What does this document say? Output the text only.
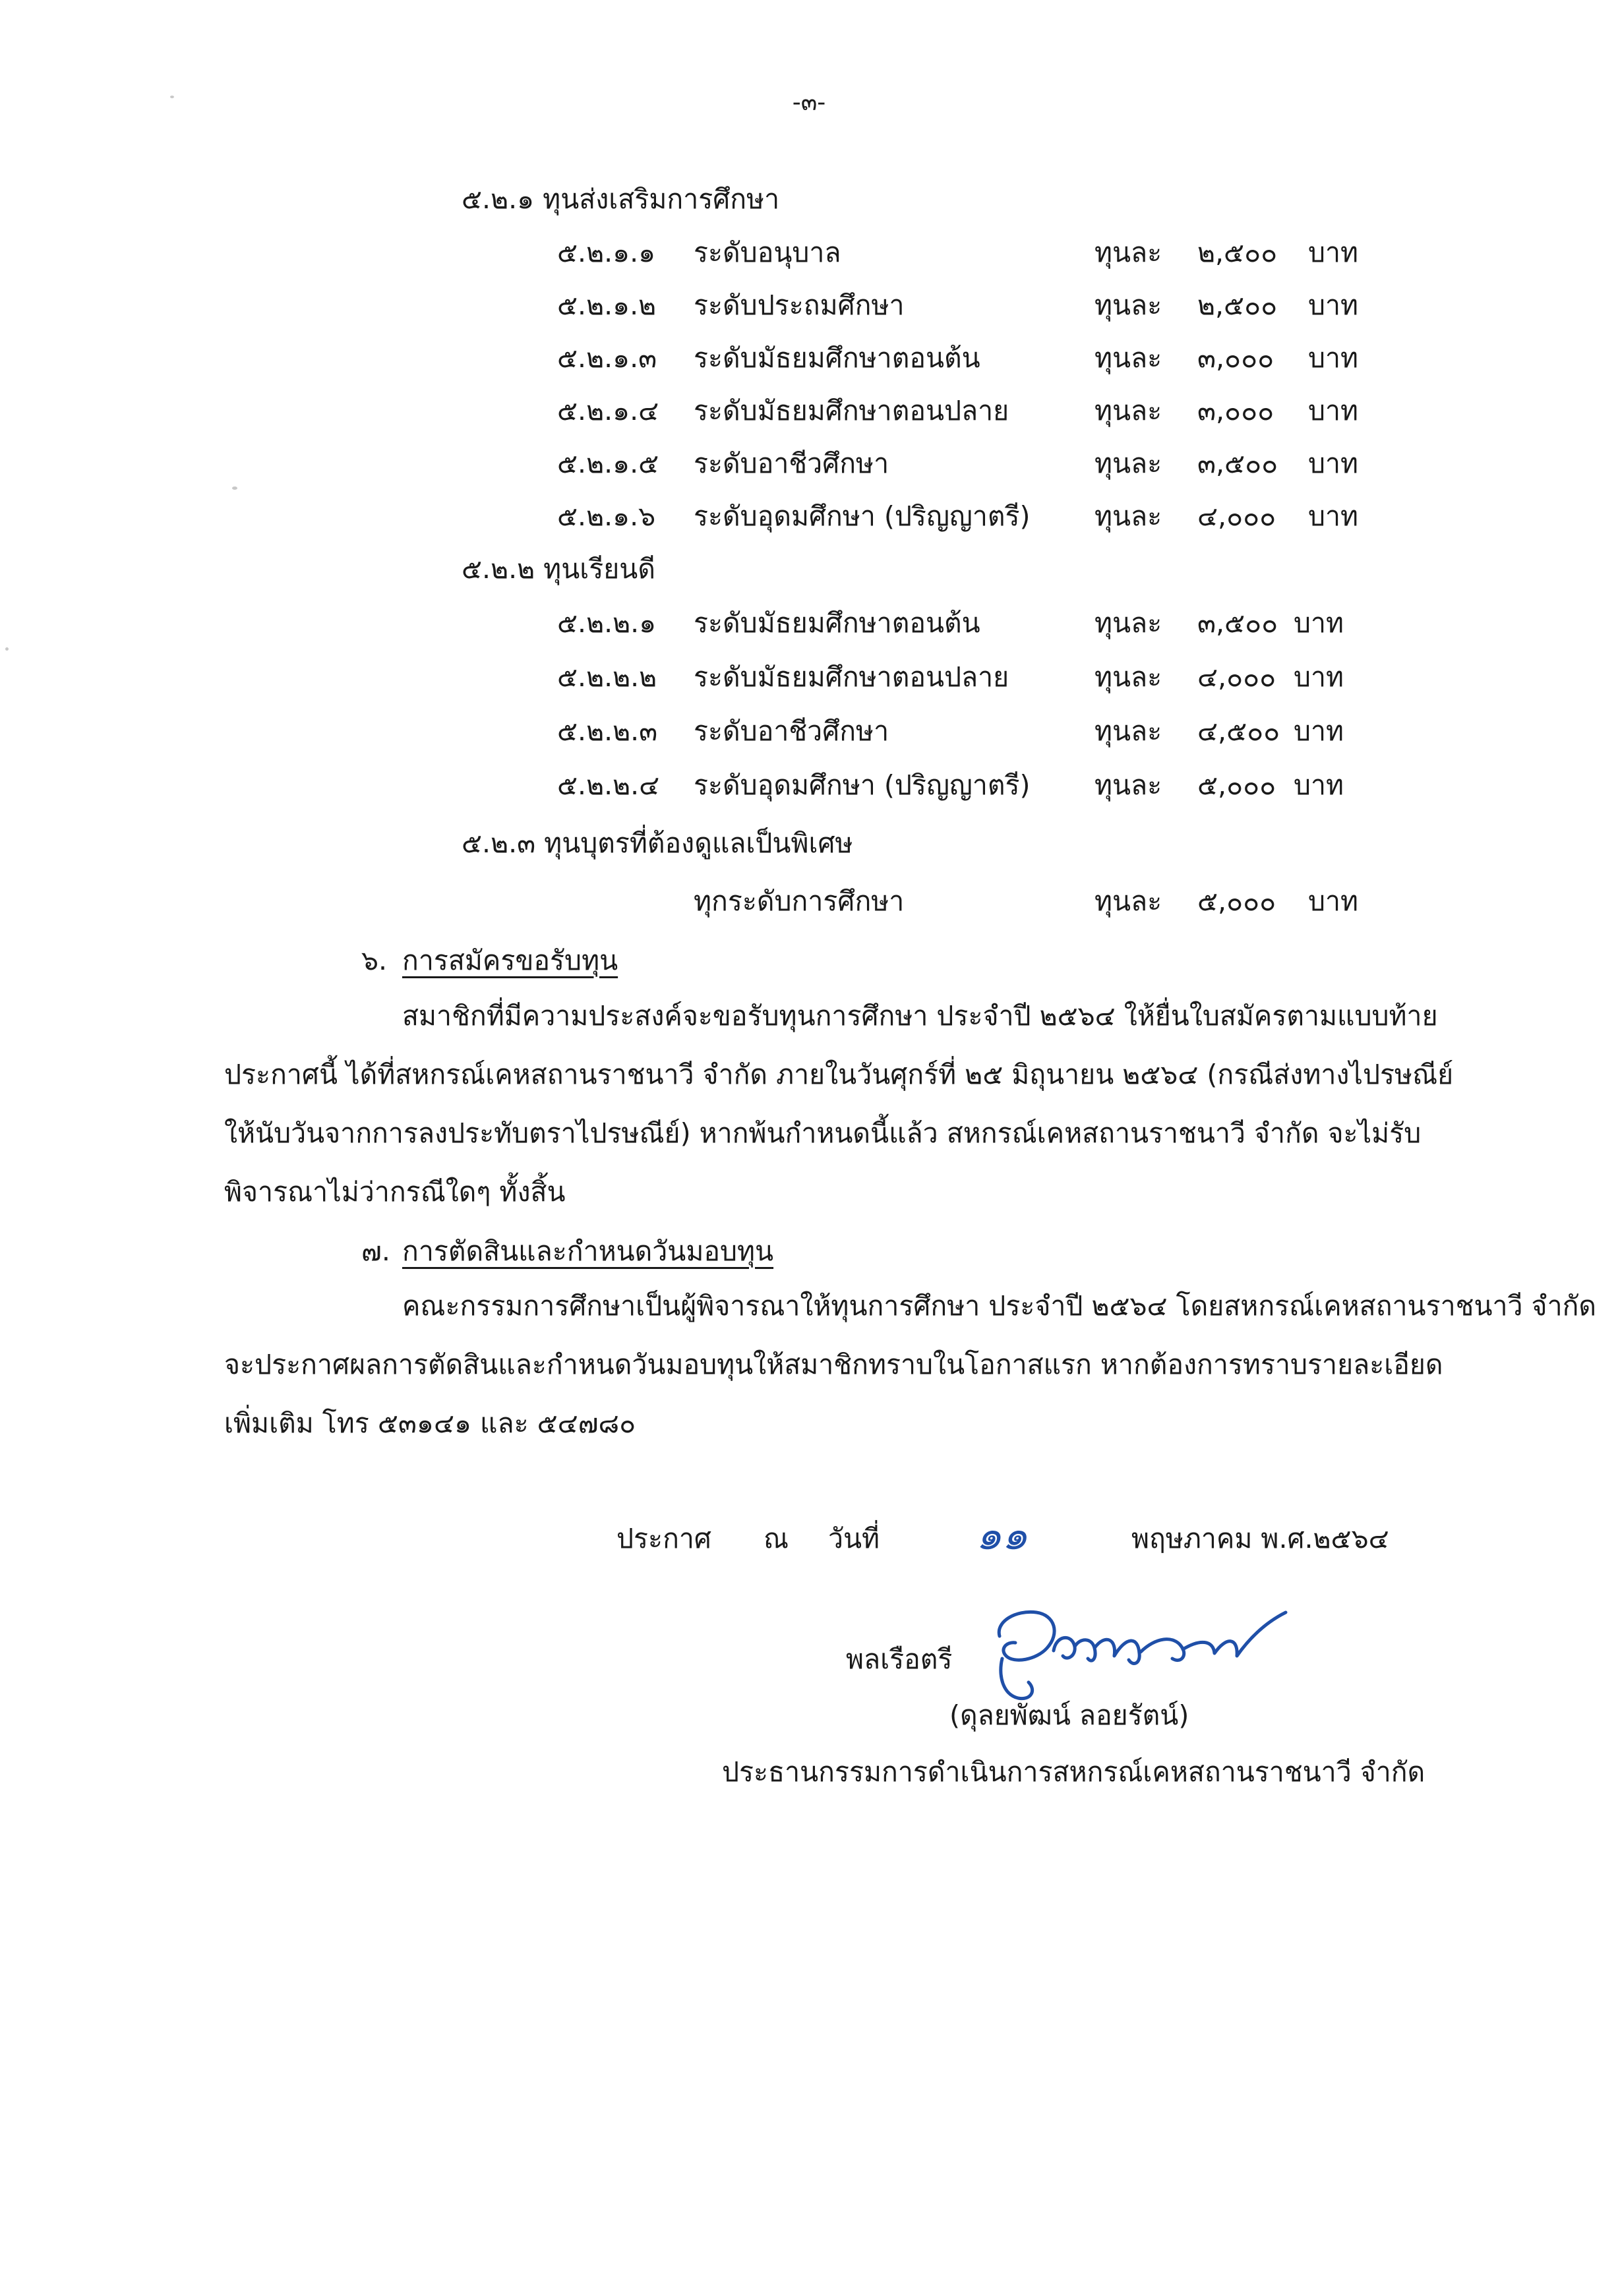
-๓-
๕.๒.๑ ทุนส่งเสริมการศึกษา
๕.๒.๑.๑ ระดับอนุบาล	ทุนละ ๒,๕๐๐ บาท
๕.๒.๑.๒ ระดับประถมศึกษา	ทุนละ ๒,๕๐๐ บาท
๕.๒.๑.๓ ระดับมัธยมศึกษาตอนต้น	ทุนละ ๓,๐๐๐ บาท
๕.๒.๑.๔ ระดับมัธยมศึกษาตอนปลาย	ทุนละ ๓,๐๐๐ บาท
๕.๒.๑.๕ ระดับอาชีวศึกษา	ทุนละ ๓,๕๐๐ บาท
๕.๒.๑.๖ ระดับอุดมศึกษา (ปริญญาตรี) ทุนละ ๔,๐๐๐ บาท
๕.๒.๒ ทุนเรียนดี
๕.๒.๒.๑ ระดับมัธยมศึกษาตอนต้น	ทุนละ ๓,๕๐๐ บาท
๕.๒.๒.๒ ระดับมัธยมศึกษาตอนปลาย	ทุนละ ๔,๐๐๐ บาท
๕.๒.๒.๓ ระดับอาชีวศึกษา	ทุนละ ๔,๕๐๐ บาท
๕.๒.๒.๔ ระดับอุดมศึกษา (ปริญญาตรี) ทุนละ ๕,๐๐๐ บาท
๕.๒.๓ ทุนบุตรที่ต้องดูแลเป็นพิเศษ
ทุกระดับการศึกษา	ทุนละ ๕,๐๐๐ บาท
๖. การสมัครขอรับทุน
สมาชิกที่มีความประสงค์จะขอรับทุนการศึกษา ประจำปี ๒๕๖๔ ให้ยื่นใบสมัครตามแบบท้าย
ประกาศนี้ ได้ที่สหกรณ์เคหสถานราชนาวี จำกัด ภายในวันศุกร์ที่ ๒๕ มิถุนายน ๒๕๖๔ (กรณีส่งทางไปรษณีย์
ให้นับวันจากการลงประทับตราไปรษณีย์) หากพ้นกำหนดนี้แล้ว สหกรณ์เคหสถานราชนาวี จำกัด จะไม่รับ
พิจารณาไม่ว่ากรณีใดๆ ทั้งสิ้น
๗. การตัดสินและกำหนดวันมอบทุน
คณะกรรมการศึกษาเป็นผู้พิจารณาให้ทุนการศึกษา ประจำปี ๒๕๖๔ โดยสหกรณ์เคหสถานราชนาวี จำกัด
จะประกาศผลการตัดสินและกำหนดวันมอบทุนให้สมาชิกทราบในโอกาสแรก หากต้องการทราบรายละเอียด
เพิ่มเติม โทร ๕๓๑๔๑ และ ๕๔๗๘๐
ประกาศ ณ วันที่ ๑๑	พฤษภาคม พ.ศ.๒๕๖๔
พลเรือตรี
(ดุลยพัฒน์ ลอยรัตน์)
ประธานกรรมการดำเนินการสหกรณ์เคหสถานราชนาวี จำกัด
